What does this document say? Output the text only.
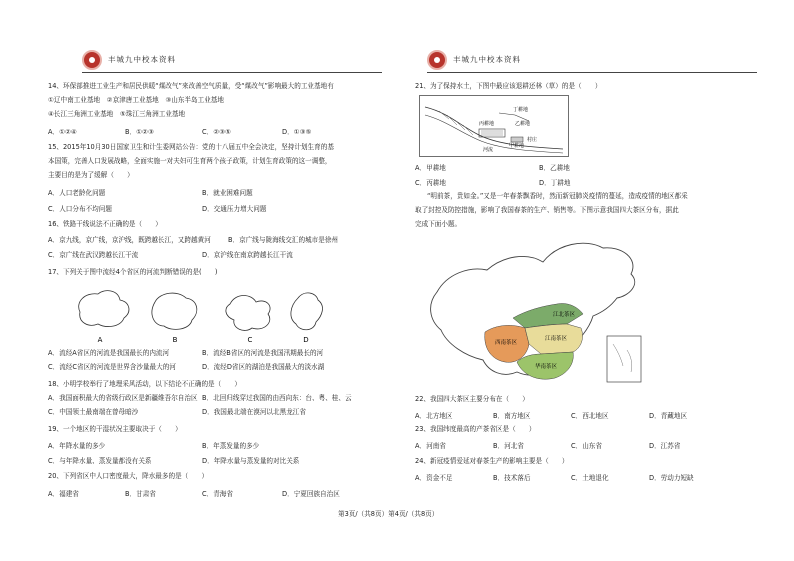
丰城九中校本资料
14、环保部推进工业生产和居民供暖“煤改气”来改善空气质量，受“煤改气”影响最大的工业基地有
①辽中南工业基地　②京津唐工业基地　③山东半岛工业基地
④长江三角洲工业基地　⑤珠江三角洲工业基地
A．①②④	B．①②③	C．②③⑤	D．①③⑤
15、2015年10月30日国家卫生和计生委网站公告：党的十八届五中全会决定，坚持计划生育的基
本国策，完善人口发展战略，全面实施一对夫妇可生育两个孩子政策，计划生育政策的这一调整，
主要目的是为了缓解（　　）
A．人口老龄化问题	B．就业困难问题
C．人口分布不均问题	D．交通压力增大问题
16、铁路干线说法不正确的是（　　）
A．京九线，京广线，京沪线，既跨越长江，又跨越黄河	B．京广线与陇海线交汇的城市是徐州
C．京广线在武汉跨越长江干流	D．京沪线在南京跨越长江干流
17、下列关于图中流经4个省区的河流判断错误的是(　　)
A	B	C	D
A．流经A省区的河流是我国最长的内流河	B．流经B省区的河流是我国汛期最长的河
C．流经C省区的河流是世界含沙量最大的河	D．流经D省区的湖泊是我国最大的淡水湖
18、小明学校举行了地理采风活动，以下结论不正确的是（　　）
A．我国面积最大的省级行政区是新疆维吾尔自治区 B．北回归线穿过我国的由西向东：台、粤、桂、云
C．中国领土最南端在曾母暗沙	D．我国最北端在漠河以北黑龙江省
19、一个地区的干湿状况主要取决于（　　）
A．年降水量的多少	B．年蒸发量的多少
C．与年降水量、蒸发量都没有关系	D．年降水量与蒸发量的对比关系
20、下列省区中人口密度最大，降水最多的是（　　）
A．福建省	B．甘肃省	C．青海省	D．宁夏回族自治区
丰城九中校本资料
21、为了保持水土，下图中最应该退耕还林（草）的是（　　）
丁耕地
乙耕地
丙耕地
甲耕地
河流
村庄
A．甲耕地	B．乙耕地
C．丙耕地	D．丁耕地
“明前茶，贵如金。”又是一年春茶飘香时，然而新冠肺炎疫情的蔓延，造成疫情的地区都采
取了封控及防控措施，影响了我国春茶的生产、销售等。下图示意我国四大茶区分布，据此
完成下面小题。
江北茶区
江南茶区
西南茶区
华南茶区
22、我国四大茶区主要分布在（　　）
A．北方地区	B．南方地区	C．西北地区	D．青藏地区
23、我国纬度最高的产茶省区是（　　）
A．河南省	B．河北省	C．山东省	D．江苏省
24、新冠疫情爱延对春茶生产的影响主要是（　　）
A．资金不足	B．技术落后	C．土地退化	D．劳动力短缺
第3页/（共8页）第4页/（共8页）
